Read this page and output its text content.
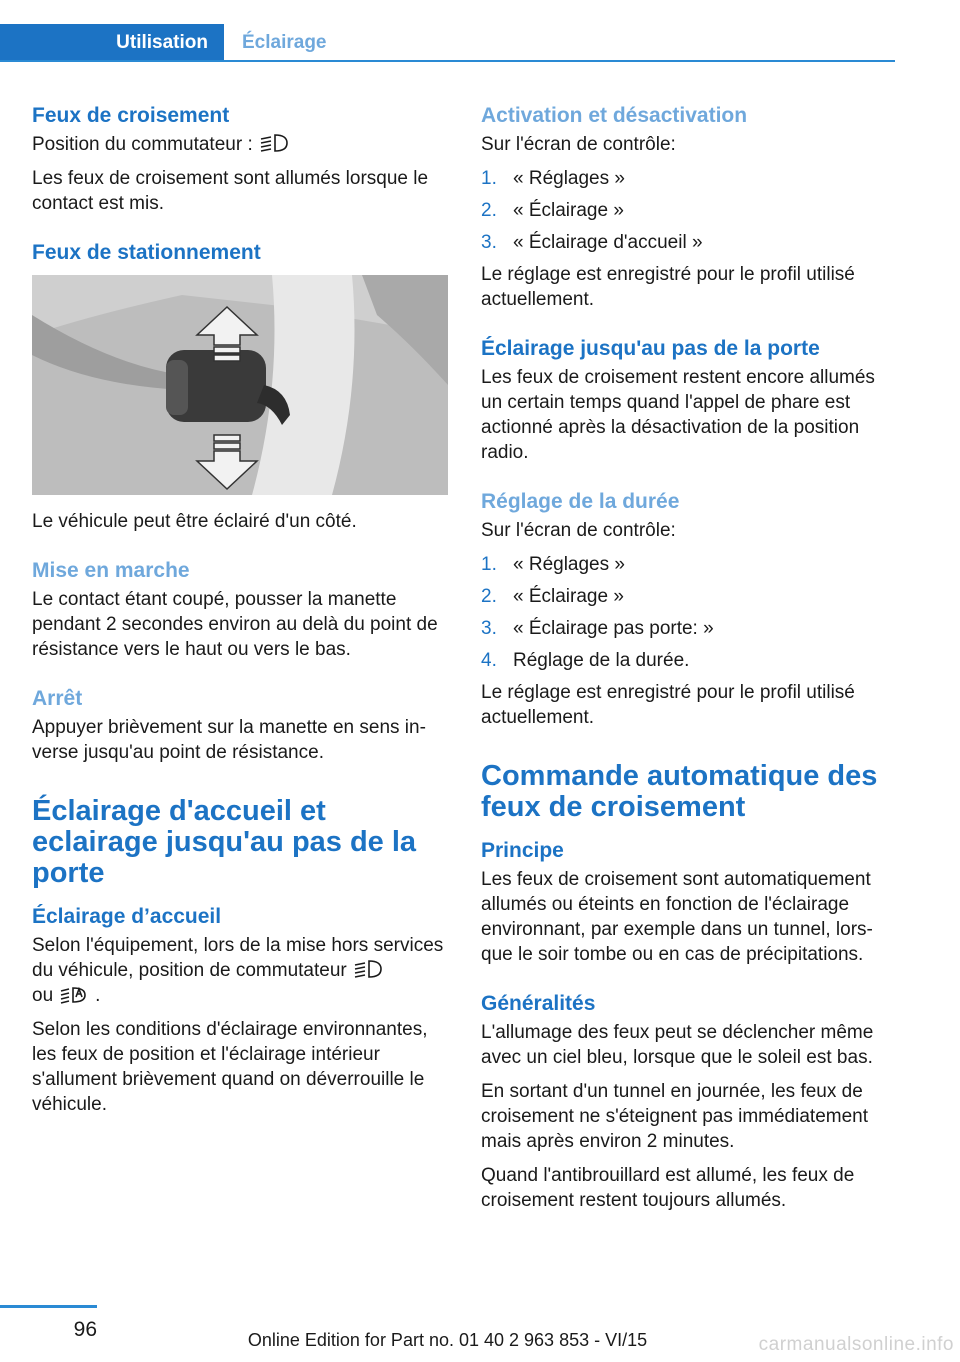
Utilisation	Éclairage
Feux de croisement

Position du commutateur :

Les feux de croisement sont allumés lorsque le contact est mis.

Feux de stationnement

Le véhicule peut être éclairé d'un côté.

Mise en marche

Le contact étant coupé, pousser la manette pendant 2 secondes environ au delà du point de résistance vers le haut ou vers le bas.

Arrêt

Appuyer brièvement sur la manette en sens inverse jusqu'au point de résistance.

Éclairage d'accueil et eclairage jusqu'au pas de la porte
Éclairage d’accueil

Selon l'équipement, lors de la mise hors services du véhicule, position de commutateur
ou .

Selon les conditions d'éclairage environnantes, les feux de position et l'éclairage intérieur s'allument brièvement quand on déverrouille le véhicule.

Activation et désactivation

Sur l'écran de contrôle:

1. « Réglages »
2. « Éclairage »
3. « Éclairage d'accueil »

Le réglage est enregistré pour le profil utilisé actuellement.

Éclairage jusqu'au pas de la porte

Les feux de croisement restent encore allumés un certain temps quand l'appel de phare est actionné après la désactivation de la position radio.

Réglage de la durée

Sur l'écran de contrôle:

1. « Réglages »
2. « Éclairage »
3. « Éclairage pas porte: »
4. Réglage de la durée.

Le réglage est enregistré pour le profil utilisé actuellement.

Commande automatique des feux de croisement
Principe

Les feux de croisement sont automatiquement allumés ou éteints en fonction de l'éclairage environnant, par exemple dans un tunnel, lorsque le soir tombe ou en cas de précipitations.

Généralités

L'allumage des feux peut se déclencher même avec un ciel bleu, lorsque que le soleil est bas.

En sortant d'un tunnel en journée, les feux de croisement ne s'éteignent pas immédiatement mais après environ 2 minutes.

Quand l'antibrouillard est allumé, les feux de croisement restent toujours allumés.

96	Online Edition for Part no. 01 40 2 963 853 - VI/15	carmanualsonline.info
